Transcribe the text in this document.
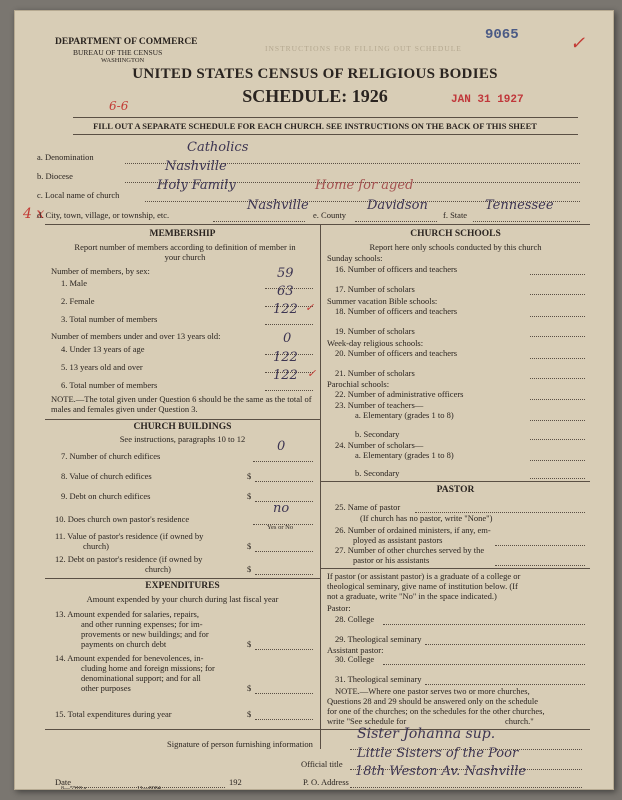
INSTRUCTIONS FOR FILLING OUT SCHEDULE
DEPARTMENT OF COMMERCE
BUREAU OF THE CENSUS
WASHINGTON
9065	✓
UNITED STATES CENSUS OF RELIGIOUS BODIES
SCHEDULE: 1926
6-6	JAN 31 1927
FILL OUT A SEPARATE SCHEDULE FOR EACH CHURCH. SEE INSTRUCTIONS ON THE BACK OF THIS SHEET
a. Denomination
Catholics
b. Diocese
Nashville
c. Local name of church
Holy Family	Home for aged
4 x
d. City, town, village, or township, etc.
Nashville
e. County
Davidson
f. State
Tennessee
MEMBERSHIP
Report number of members according to definition of member in your church
Number of members, by sex:
1. Male
59
2. Female
63
3. Total number of members
122 ✓
Number of members under and over 13 years old:
4. Under 13 years of age
0
5. 13 years old and over
122
6. Total number of members
122 ✓
NOTE.—The total given under Question 6 should be the same as the total of males and females given under Question 3.
CHURCH BUILDINGS
See instructions, paragraphs 10 to 12
7. Number of church edifices
0
8. Value of church edifices	$
9. Debt on church edifices	$
10. Does church own pastor's residence
no
Yes or No
11. Value of pastor's residence (if owned by
church)	$
12. Debt on pastor's residence (if owned by
church)	$
EXPENDITURES
Amount expended by your church during last fiscal year
13. Amount expended for salaries, repairs,
and other running expenses; for im-
provements or new buildings; and for
payments on church debt	$
14. Amount expended for benevolences, in-
cluding home and foreign missions; for
denominational support; and for all
other purposes	$
15. Total expenditures during year	$
CHURCH SCHOOLS
Report here only schools conducted by this church
Sunday schools:
16. Number of officers and teachers
17. Number of scholars
Summer vacation Bible schools:
18. Number of officers and teachers
19. Number of scholars
Week-day religious schools:
20. Number of officers and teachers
21. Number of scholars
Parochial schools:
22. Number of administrative officers
23. Number of teachers—
a. Elementary (grades 1 to 8)
b. Secondary
24. Number of scholars—
a. Elementary (grades 1 to 8)
b. Secondary
PASTOR
25. Name of pastor
(If church has no pastor, write "None")
26. Number of ordained ministers, if any, em-
ployed as assistant pastors
27. Number of other churches served by the
pastor or his assistants
If pastor (or assistant pastor) is a graduate of a college or
theological seminary, give name of institution below. (If
not a graduate, write "No" in the space indicated.)
Pastor:
28. College
29. Theological seminary
Assistant pastor:
30. College
31. Theological seminary
NOTE.—Where one pastor serves two or more churches,
Questions 28 and 29 should be answered only on the schedule
for one of the churches; on the schedules for the other churches,
write "See schedule for	church."
Signature of person furnishing information
Sister Johanna sup.
Official title
Little Sisters of the Poor
Date	192	P. O. Address
18th Weston Av. Nashville
8—5518 a	11—8084
